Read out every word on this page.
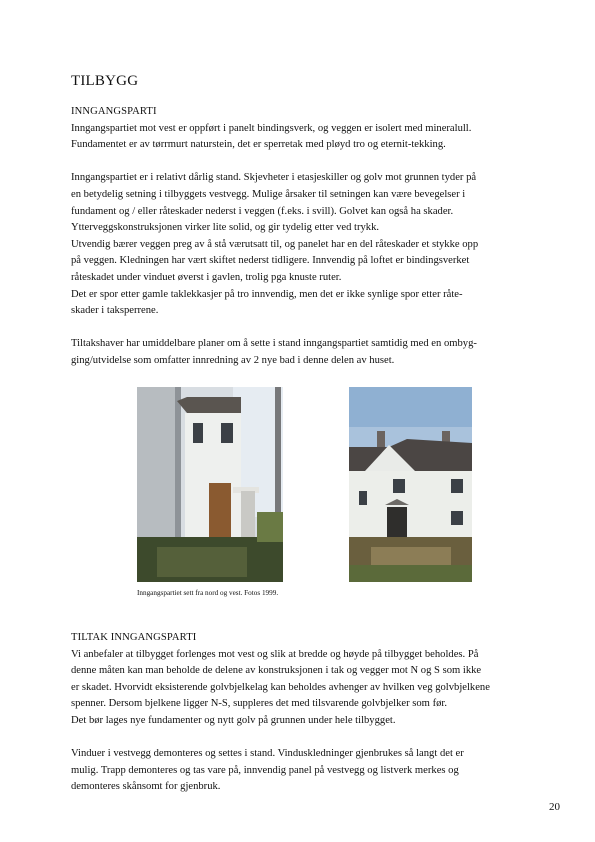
TILBYGG

INNGANGSPARTI

Inngangspartiet mot vest er oppført i panelt bindingsverk, og veggen er isolert med mineralull.

Fundamentet er av tørrmurt naturstein, det er sperretak med pløyd tro og eternit-tekking.

Inngangspartiet er i relativt dårlig stand. Skjevheter i etasjeskiller og golv mot grunnen tyder på

en betydelig setning i tilbyggets vestvegg. Mulige årsaker til setningen kan være bevegelser i

fundament og / eller råteskader nederst i veggen (f.eks. i svill). Golvet kan også ha skader.

Ytterveggskonstruksjonen virker lite solid, og gir tydelig etter ved trykk.

Utvendig bærer veggen preg av å stå værutsatt til, og panelet har en del råteskader et stykke opp

på veggen. Kledningen har vært skiftet nederst tidligere. Innvendig på loftet er bindingsverket

råteskadet under vinduet øverst i gavlen, trolig pga knuste ruter.

Det er spor etter gamle taklekkasjer på tro innvendig, men det er ikke synlige spor etter råte-

skader i taksperrene.

Tiltakshaver har umiddelbare planer om å sette i stand inngangspartiet samtidig med en ombyg-

ging/utvidelse som omfatter innredning av 2 nye bad i denne delen av huset.

Inngangspartiet sett fra nord og vest. Fotos 1999.

TILTAK INNGANGSPARTI

Vi anbefaler at tilbygget forlenges mot vest og slik at bredde og høyde på tilbygget beholdes. På

denne måten kan man beholde de delene av konstruksjonen i tak og vegger mot N og S som ikke

er skadet. Hvorvidt eksisterende golvbjelkelag kan beholdes avhenger av hvilken veg golvbjelkene

spenner. Dersom bjelkene ligger N-S, suppleres det med tilsvarende golvbjelker som før.

Det bør lages nye fundamenter og nytt golv på grunnen under hele tilbygget.

Vinduer i vestvegg demonteres og settes i stand. Vinduskledninger gjenbrukes så langt det er

mulig. Trapp demonteres og tas vare på, innvendig panel på vestvegg og listverk merkes og

demonteres skånsomt for gjenbruk.

20
